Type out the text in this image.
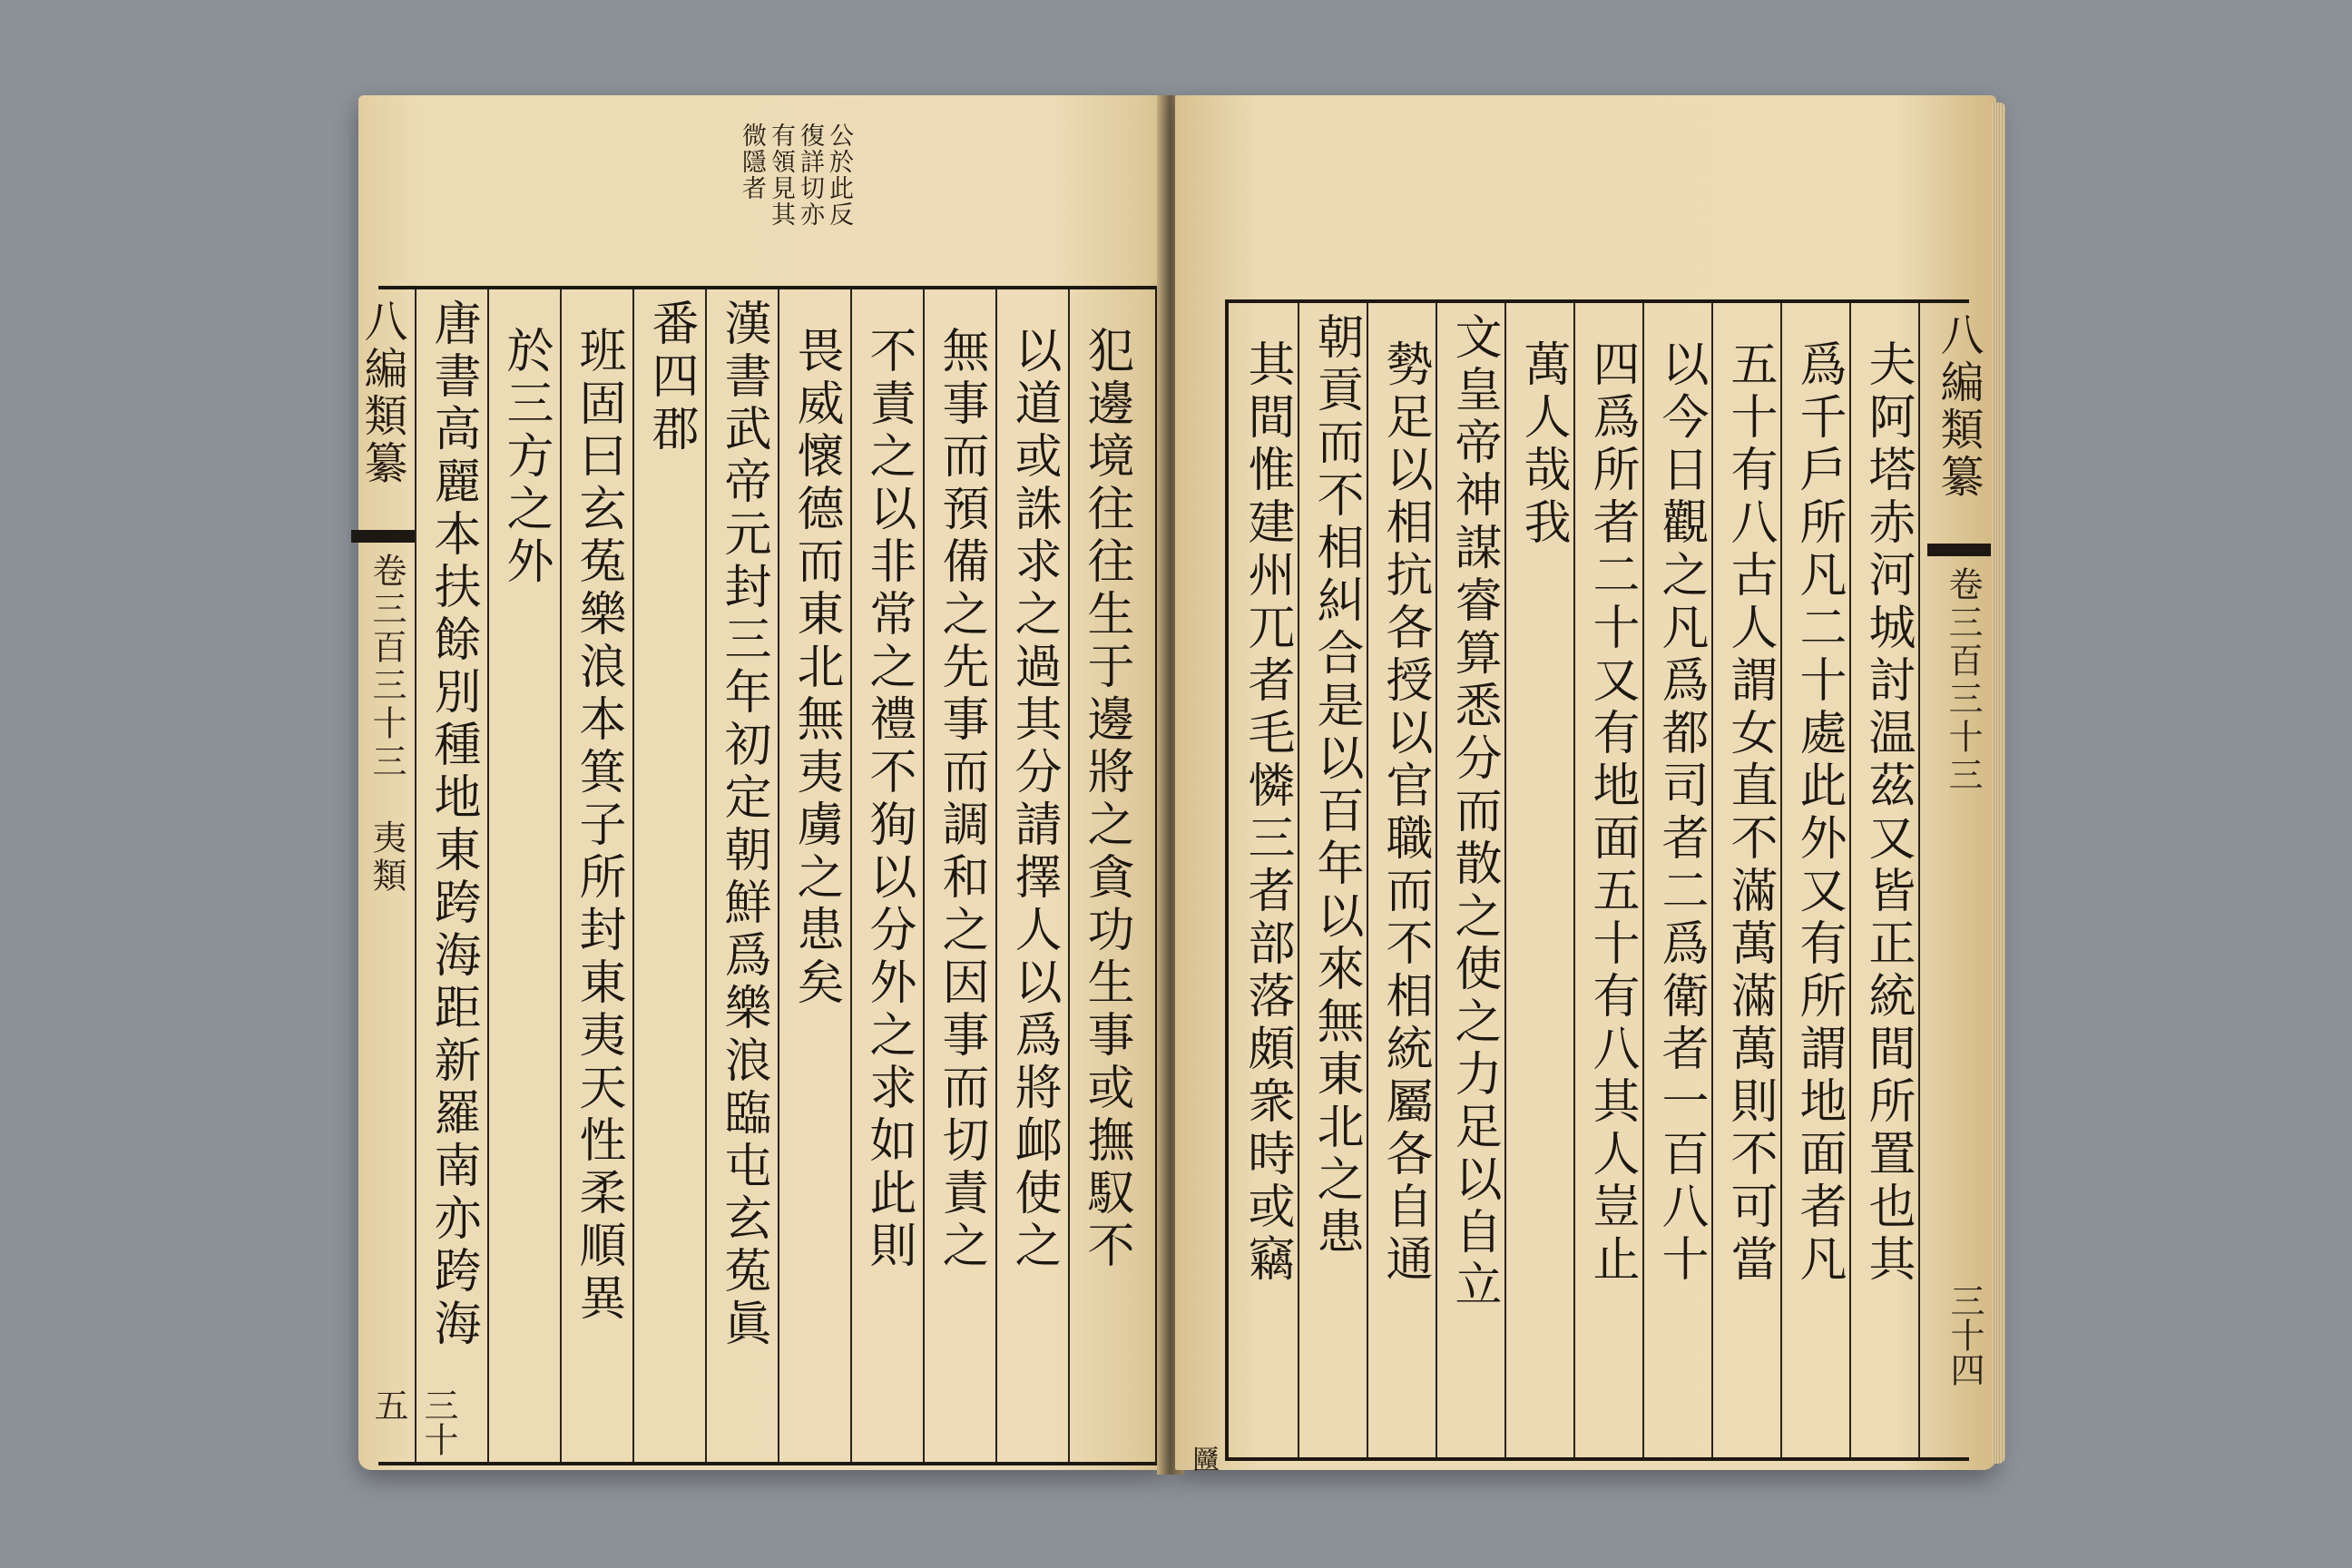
公於此反
復詳切亦
有領見其
微隱者

犯邊境往往生于邊將之貪功生事或撫馭不
以道或誅求之過其分請擇人以爲將䘏使之
無事而預備之先事而調和之因事而切責之
不責之以非常之禮不狥以分外之求如此則
畏威懷德而東北無夷虜之患矣
漢書武帝元封三年初定朝鮮爲樂浪臨屯玄菟眞
番四郡
班固曰玄菟樂浪本箕子所封東夷天性柔順異
於三方之外
唐書高麗本扶餘別種地東跨海距新羅南亦跨海
八編類纂
卷三百三十三　夷類
三十五
夫阿塔赤河城討温茲又皆正統間所置也其
爲千戶所凡二十處此外又有所謂地面者凡
五十有八古人謂女直不滿萬滿萬則不可當
以今日觀之凡爲都司者二爲衛者一百八十
四爲所者二十又有地面五十有八其人豈止
萬人哉我
文皇帝神謀睿算悉分而散之使之力足以自立
勢足以相抗各授以官職而不相統屬各自通
朝貢而不相糾合是以百年以來無東北之患
其間惟建州兀者毛憐三者部落頗衆時或竊	八編類纂
卷三百三十三
三十四
㔶
